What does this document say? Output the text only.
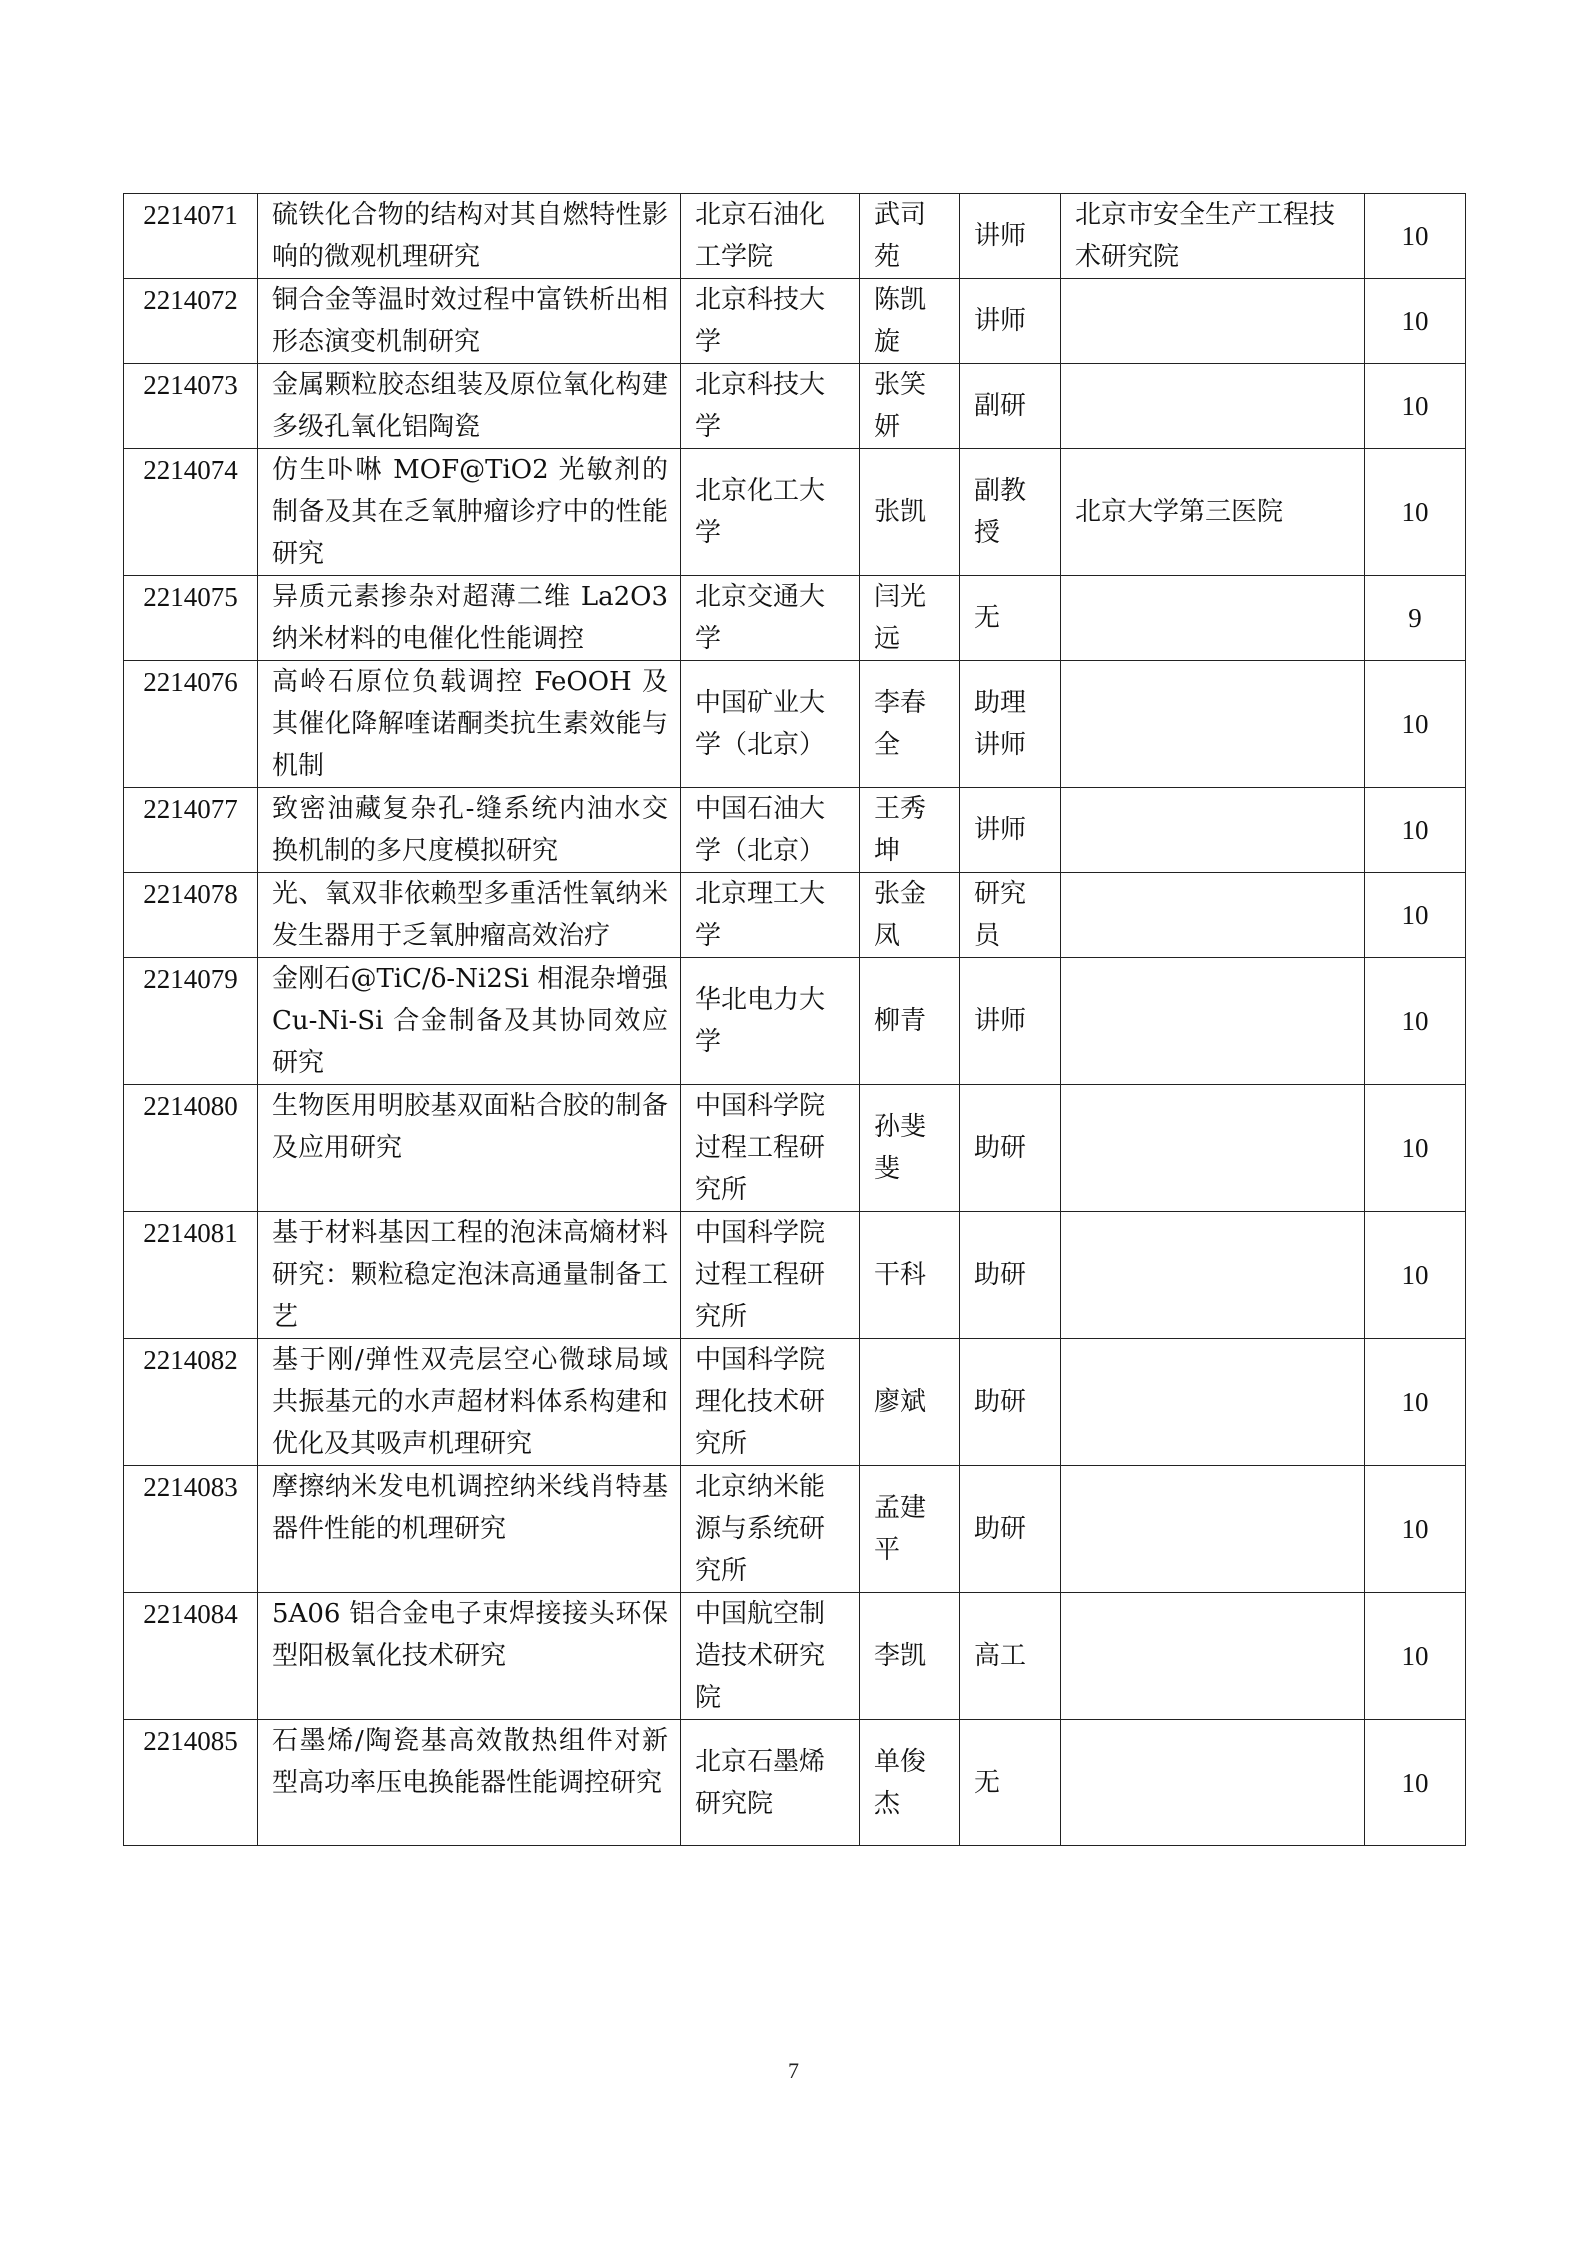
2214071	硫铁化合物的结构对其自燃特性影响的微观机理研究	北京石油化工学院	武司苑	讲师	北京市安全生产工程技术研究院	10
2214072	铜合金等温时效过程中富铁析出相形态演变机制研究	北京科技大学	陈凯旋	讲师		10
2214073	金属颗粒胶态组装及原位氧化构建多级孔氧化铝陶瓷	北京科技大学	张笑妍	副研		10
2214074	仿生卟啉 MOF@TiO2 光敏剂的制备及其在乏氧肿瘤诊疗中的性能研究	北京化工大学	张凯	副教授	北京大学第三医院	10
2214075	异质元素掺杂对超薄二维 La2O3 纳米材料的电催化性能调控	北京交通大学	闫光远	无		9
2214076	高岭石原位负载调控 FeOOH 及其催化降解喹诺酮类抗生素效能与机制	中国矿业大学（北京）	李春全	助理讲师		10
2214077	致密油藏复杂孔-缝系统内油水交换机制的多尺度模拟研究	中国石油大学（北京）	王秀坤	讲师		10
2214078	光、氧双非依赖型多重活性氧纳米发生器用于乏氧肿瘤高效治疗	北京理工大学	张金凤	研究员		10
2214079	金刚石@TiC/δ-Ni2Si 相混杂增强 Cu-Ni-Si 合金制备及其协同效应研究	华北电力大学	柳青	讲师		10
2214080	生物医用明胶基双面粘合胶的制备及应用研究	中国科学院过程工程研究所	孙斐斐	助研		10
2214081	基于材料基因工程的泡沫高熵材料研究：颗粒稳定泡沫高通量制备工艺	中国科学院过程工程研究所	干科	助研		10
2214082	基于刚/弹性双壳层空心微球局域共振基元的水声超材料体系构建和优化及其吸声机理研究	中国科学院理化技术研究所	廖斌	助研		10
2214083	摩擦纳米发电机调控纳米线肖特基器件性能的机理研究	北京纳米能源与系统研究所	孟建平	助研		10
2214084	5A06 铝合金电子束焊接接头环保型阳极氧化技术研究	中国航空制造技术研究院	李凯	高工		10
2214085	石墨烯/陶瓷基高效散热组件对新型高功率压电换能器性能调控研究	北京石墨烯研究院	单俊杰	无		10
7
